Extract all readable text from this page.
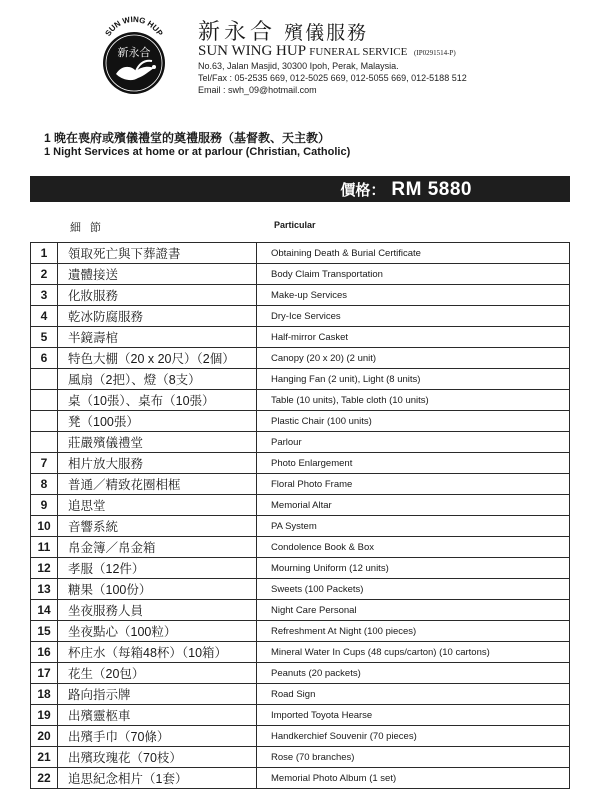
SUN WING HUP
新永合
新永合 殯儀服務
SUN WING HUP FUNERAL SERVICE (IP0291514-P)
No.63, Jalan Masjid, 30300 Ipoh, Perak, Malaysia.
Tel/Fax : 05-2535 669, 012-5025 669, 012-5055 669, 012-5188 512
Email : swh_09@hotmail.com
1 晚在喪府或殯儀禮堂的奠禮服務（基督教、天主教）
1 Night Services at home or at parlour (Christian, Catholic)
價格： RM 5880
細 節	Particular
1	領取死亡與下葬證書	Obtaining Death & Burial Certificate
2	遺體接送	Body Claim Transportation
3	化妝服務	Make-up Services
4	乾冰防腐服務	Dry-Ice Services
5	半鏡壽棺	Half-mirror Casket
6	特色大棚（20 x 20尺）（2個）	Canopy (20 x 20) (2 unit)
	風扇（2把）、燈（8支）	Hanging Fan (2 unit), Light (8 units)
	桌（10張）、桌布（10張）	Table (10 units), Table cloth (10 units)
	凳（100張）	Plastic Chair (100 units)
	莊嚴殯儀禮堂	Parlour
7	相片放大服務	Photo Enlargement
8	普通／精致花圈相框	Floral Photo Frame
9	追思堂	Memorial Altar
10	音響系統	PA System
11	帛金簿／帛金箱	Condolence Book & Box
12	孝服（12件）	Mourning Uniform (12 units)
13	糖果（100份）	Sweets (100 Packets)
14	坐夜服務人員	Night Care Personal
15	坐夜點心（100粒）	Refreshment At Night (100 pieces)
16	杯庄水（每箱48杯）（10箱）	Mineral Water In Cups (48 cups/carton) (10 cartons)
17	花生（20包）	Peanuts (20 packets)
18	路向指示牌	Road Sign
19	出殯靈柩車	Imported Toyota Hearse
20	出殯手巾（70條）	Handkerchief Souvenir (70 pieces)
21	出殯玫瑰花（70枝）	Rose (70 branches)
22	追思紀念相片（1套）	Memorial Photo Album (1 set)
